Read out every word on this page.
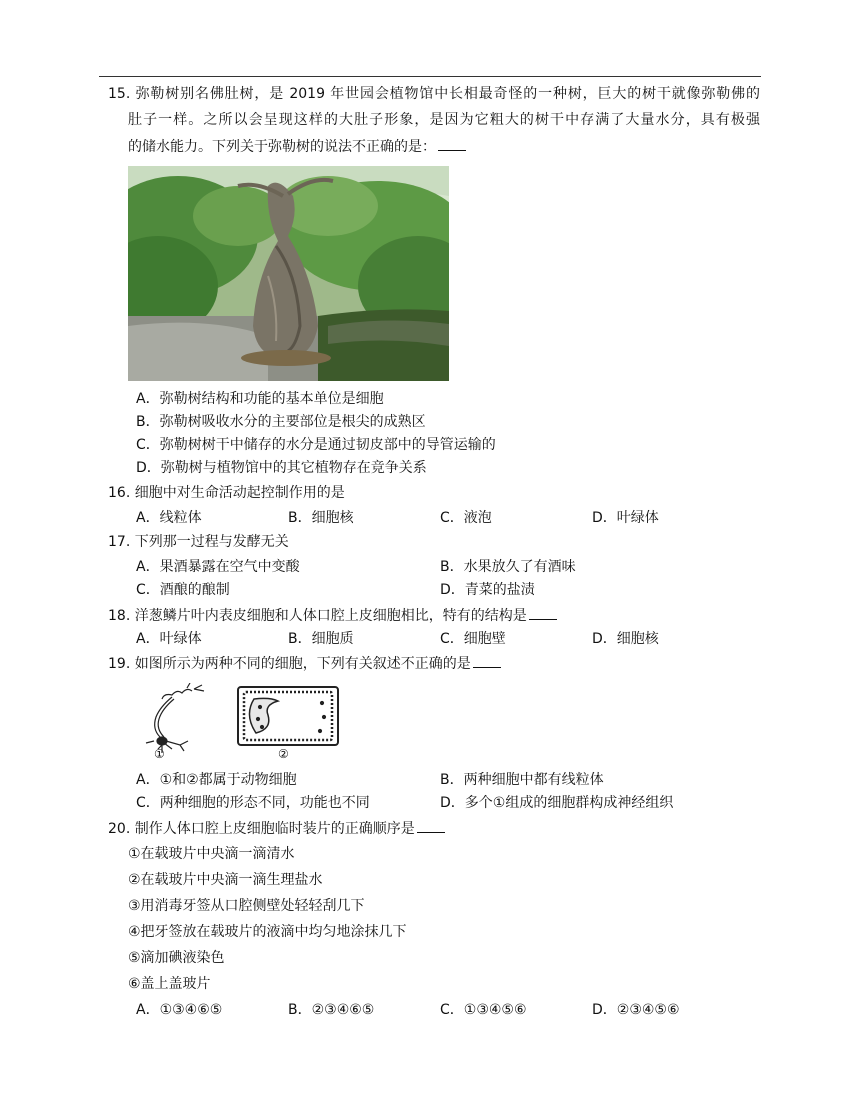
15. 弥勒树别名佛肚树，是 2019 年世园会植物馆中长相最奇怪的一种树，巨大的树干就像弥勒佛的
肚子一样。之所以会呈现这样的大肚子形象，是因为它粗大的树干中存满了大量水分，具有极强
的储水能力。下列关于弥勒树的说法不正确的是：
A．弥勒树结构和功能的基本单位是细胞
B．弥勒树吸收水分的主要部位是根尖的成熟区
C．弥勒树树干中储存的水分是通过韧皮部中的导管运输的
D．弥勒树与植物馆中的其它植物存在竞争关系
16. 细胞中对生命活动起控制作用的是
A．线粒体	B．细胞核	C．液泡	D．叶绿体
17. 下列那一过程与发酵无关
A．果酒暴露在空气中变酸	B．水果放久了有酒味
C．酒酿的酿制	D．青菜的盐渍
18. 洋葱鳞片叶内表皮细胞和人体口腔上皮细胞相比，特有的结构是
A．叶绿体	B．细胞质	C．细胞壁	D．细胞核
19. 如图所示为两种不同的细胞，下列有关叙述不正确的是
①	②
A．①和②都属于动物细胞	B．两种细胞中都有线粒体
C．两种细胞的形态不同，功能也不同	D．多个①组成的细胞群构成神经组织
20. 制作人体口腔上皮细胞临时装片的正确顺序是
①在载玻片中央滴一滴清水
②在载玻片中央滴一滴生理盐水
③用消毒牙签从口腔侧壁处轻轻刮几下
④把牙签放在载玻片的液滴中均匀地涂抹几下
⑤滴加碘液染色
⑥盖上盖玻片
A．①③④⑥⑤	B．②③④⑥⑤	C．①③④⑤⑥	D．②③④⑤⑥
